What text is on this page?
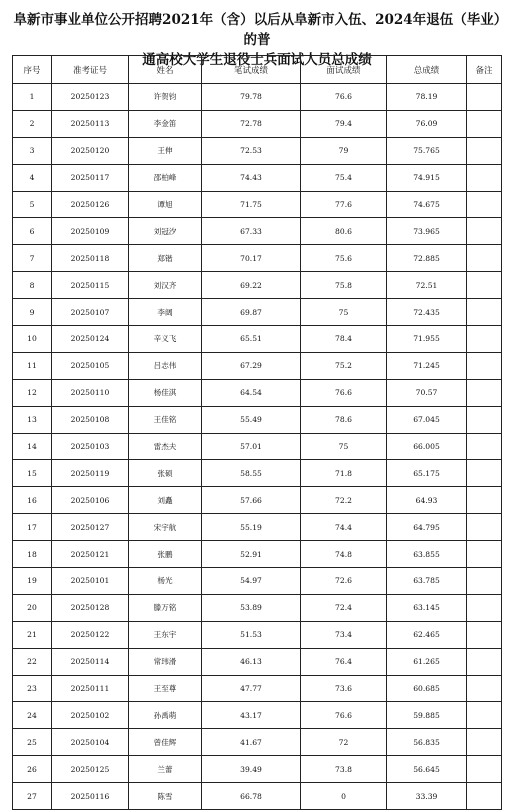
阜新市事业单位公开招聘2021年（含）以后从阜新市入伍、2024年退伍（毕业）的普
通高校大学生退役士兵面试人员总成绩
序号	准考证号	姓名	笔试成绩	面试成绩	总成绩	备注
1	20250123	许贺钧	79.78	76.6	78.19	
2	20250113	李金笛	72.78	79.4	76.09	
3	20250120	王伸	72.53	79	75.765	
4	20250117	邵柏峰	74.43	75.4	74.915	
5	20250126	谭旭	71.75	77.6	74.675	
6	20250109	刘冠汐	67.33	80.6	73.965	
7	20250118	郑锴	70.17	75.6	72.885	
8	20250115	刘汉齐	69.22	75.8	72.51	
9	20250107	李阔	69.87	75	72.435	
10	20250124	辛义飞	65.51	78.4	71.955	
11	20250105	吕志伟	67.29	75.2	71.245	
12	20250110	杨佳淇	64.54	76.6	70.57	
13	20250108	王佳铭	55.49	78.6	67.045	
14	20250103	雷杰夫	57.01	75	66.005	
15	20250119	张硕	58.55	71.8	65.175	
16	20250106	刘矗	57.66	72.2	64.93	
17	20250127	宋宇航	55.19	74.4	64.795	
18	20250121	张鹏	52.91	74.8	63.855	
19	20250101	杨光	54.97	72.6	63.785	
20	20250128	滕万铭	53.89	72.4	63.145	
21	20250122	王东宇	51.53	73.4	62.465	
22	20250114	常玮滑	46.13	76.4	61.265	
23	20250111	王至尊	47.77	73.6	60.685	
24	20250102	孙禹萌	43.17	76.6	59.885	
25	20250104	曾佳辉	41.67	72	56.835	
26	20250125	兰蕾	39.49	73.8	56.645	
27	20250116	陈雪	66.78	0	33.39	
